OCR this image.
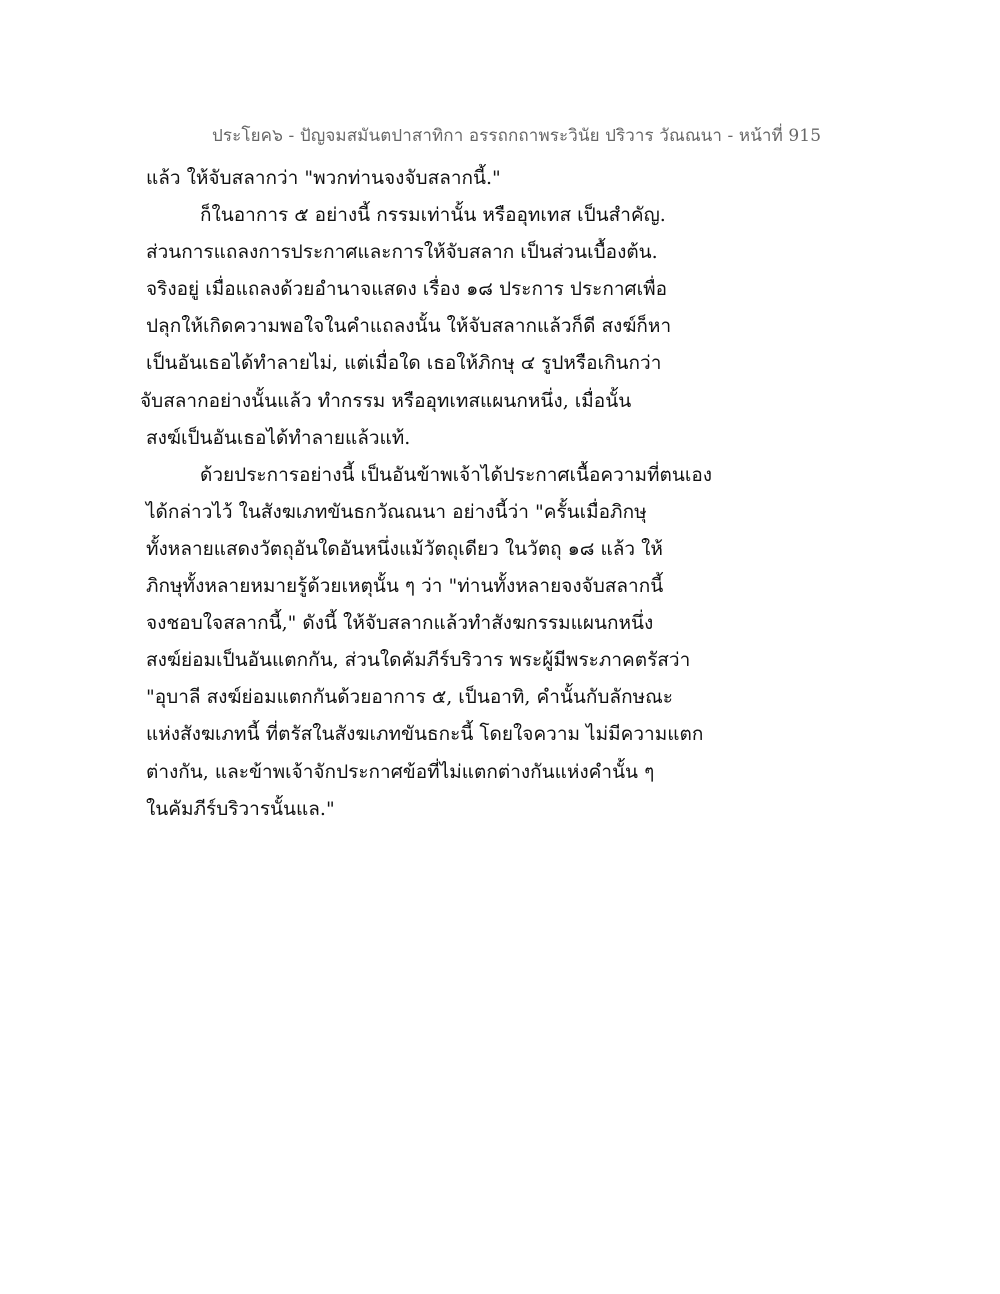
ประโยค๖ - ปัญจมสมันตปาสาทิกา อรรถกถาพระวินัย ปริวาร วัณณนา - หน้าที่ 915
แล้ว ให้จับสลากว่า "พวกท่านจงจับสลากนี้."
ก็ในอาการ ๕ อย่างนี้ กรรมเท่านั้น หรืออุทเทส เป็นสำคัญ.
ส่วนการแถลงการประกาศและการให้จับสลาก เป็นส่วนเบื้องต้น.
จริงอยู่ เมื่อแถลงด้วยอำนาจแสดง เรื่อง ๑๘ ประการ ประกาศเพื่อ
ปลุกให้เกิดความพอใจในคำแถลงนั้น ให้จับสลากแล้วก็ดี สงฆ์ก็หา
เป็นอันเธอได้ทำลายไม่, แต่เมื่อใด เธอให้ภิกษุ ๔ รูปหรือเกินกว่า
จับสลากอย่างนั้นแล้ว ทำกรรม หรืออุทเทสแผนกหนึ่ง, เมื่อนั้น
สงฆ์เป็นอันเธอได้ทำลายแล้วแท้.
ด้วยประการอย่างนี้ เป็นอันข้าพเจ้าได้ประกาศเนื้อความที่ตนเอง
ได้กล่าวไว้ ในสังฆเภทขันธกวัณณนา อย่างนี้ว่า "ครั้นเมื่อภิกษุ
ทั้งหลายแสดงวัตถุอันใดอันหนึ่งแม้วัตถุเดียว ในวัตถุ ๑๘ แล้ว ให้
ภิกษุทั้งหลายหมายรู้ด้วยเหตุนั้น ๆ ว่า "ท่านทั้งหลายจงจับสลากนี้
จงชอบใจสลากนี้," ดังนี้ ให้จับสลากแล้วทำสังฆกรรมแผนกหนึ่ง
สงฆ์ย่อมเป็นอันแตกกัน, ส่วนใดคัมภีร์บริวาร พระผู้มีพระภาคตรัสว่า
"อุบาลี สงฆ์ย่อมแตกกันด้วยอาการ ๕, เป็นอาทิ, คำนั้นกับลักษณะ
แห่งสังฆเภทนี้ ที่ตรัสในสังฆเภทขันธกะนี้ โดยใจความ ไม่มีความแตก
ต่างกัน, และข้าพเจ้าจักประกาศข้อที่ไม่แตกต่างกันแห่งคำนั้น ๆ
ในคัมภีร์บริวารนั้นแล."
